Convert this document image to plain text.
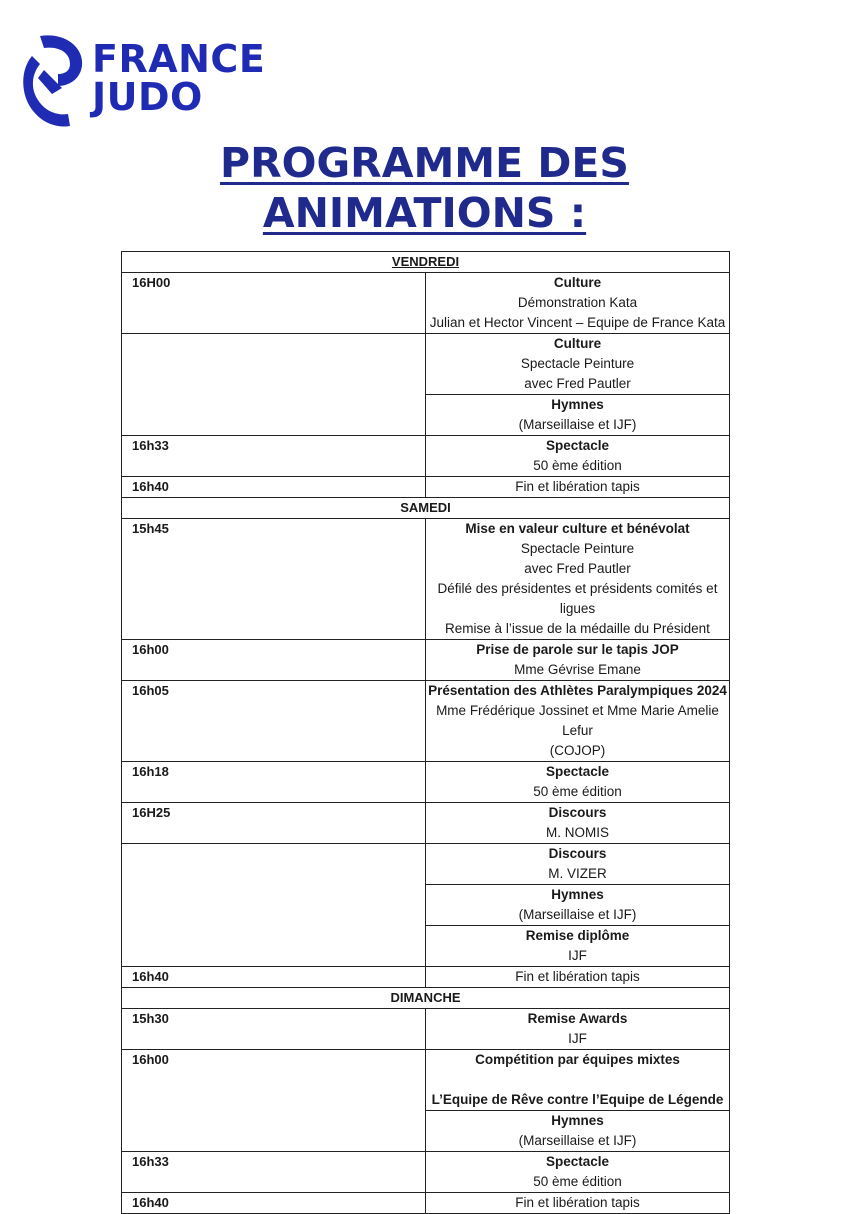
FRANCE
JUDO
PROGRAMME DES
ANIMATIONS :
VENDREDI	
16H00	Culture
Démonstration Kata
Julian et Hector Vincent – Equipe de France Kata

	Culture
Spectacle Peinture
avec Fred Pautler

	Hymnes
(Marseillaise et IJF)

16h33	Spectacle
50 ème édition

16h40	Fin et libération tapis

SAMEDI	
15h45	Mise en valeur culture et bénévolat
Spectacle Peinture
avec Fred Pautler
Défilé des présidentes et présidents comités et ligues
Remise à l’issue de la médaille du Président

16h00	Prise de parole sur le tapis JOP
Mme Gévrise Emane

16h05	Présentation des Athlètes Paralympiques 2024
Mme Frédérique Jossinet et Mme Marie Amelie Lefur
(COJOP)

16h18	Spectacle
50 ème édition

16H25	Discours
M. NOMIS

	Discours
M. VIZER

	Hymnes
(Marseillaise et IJF)

	Remise diplôme
IJF

16h40	Fin et libération tapis

DIMANCHE	
15h30	Remise Awards
IJF

16h00	Compétition par équipes mixtes
L’Equipe de Rêve contre l’Equipe de Légende

	Hymnes
(Marseillaise et IJF)

16h33	Spectacle
50 ème édition

16h40	Fin et libération tapis
